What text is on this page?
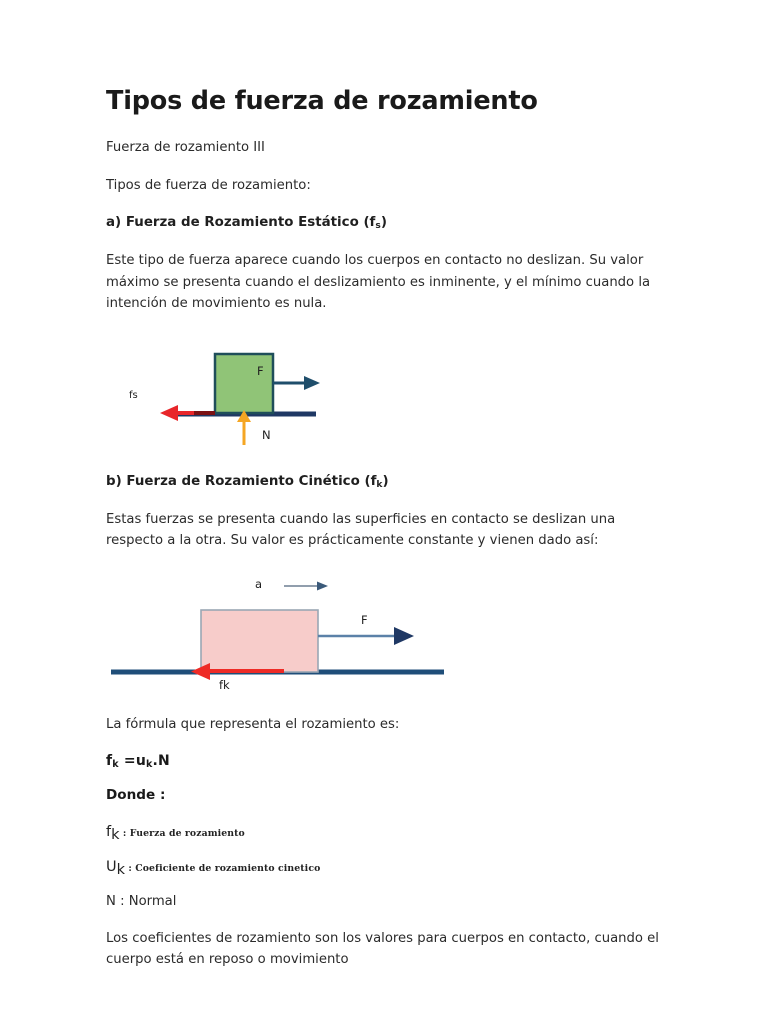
Tipos de fuerza de rozamiento

Fuerza de rozamiento III

Tipos de fuerza de rozamiento:

a) Fuerza de Rozamiento Estático $(f_s)$

Este tipo de fuerza aparece cuando los cuerpos en contacto no deslizan. Su valor máximo se presenta cuando el deslizamiento es inminente, y el mínimo cuando la intención de movimiento es nula.

F
fs
N
b) Fuerza de Rozamiento Cinético $(f_k)$

Estas fuerzas se presenta cuando las superficies en contacto se deslizan una respecto a la otra. Su valor es prácticamente constante y vienen dado así:

a
F
fk

La fórmula que representa el rozamiento es:

$f_k =u_k.N$

Donde :

$f_k$ : Fuerza de rozamiento

$U_k$ : Coeficiente de rozamiento cinetico

N : Normal

Los coeficientes de rozamiento son los valores para cuerpos en contacto, cuando el cuerpo está en reposo o movimiento
